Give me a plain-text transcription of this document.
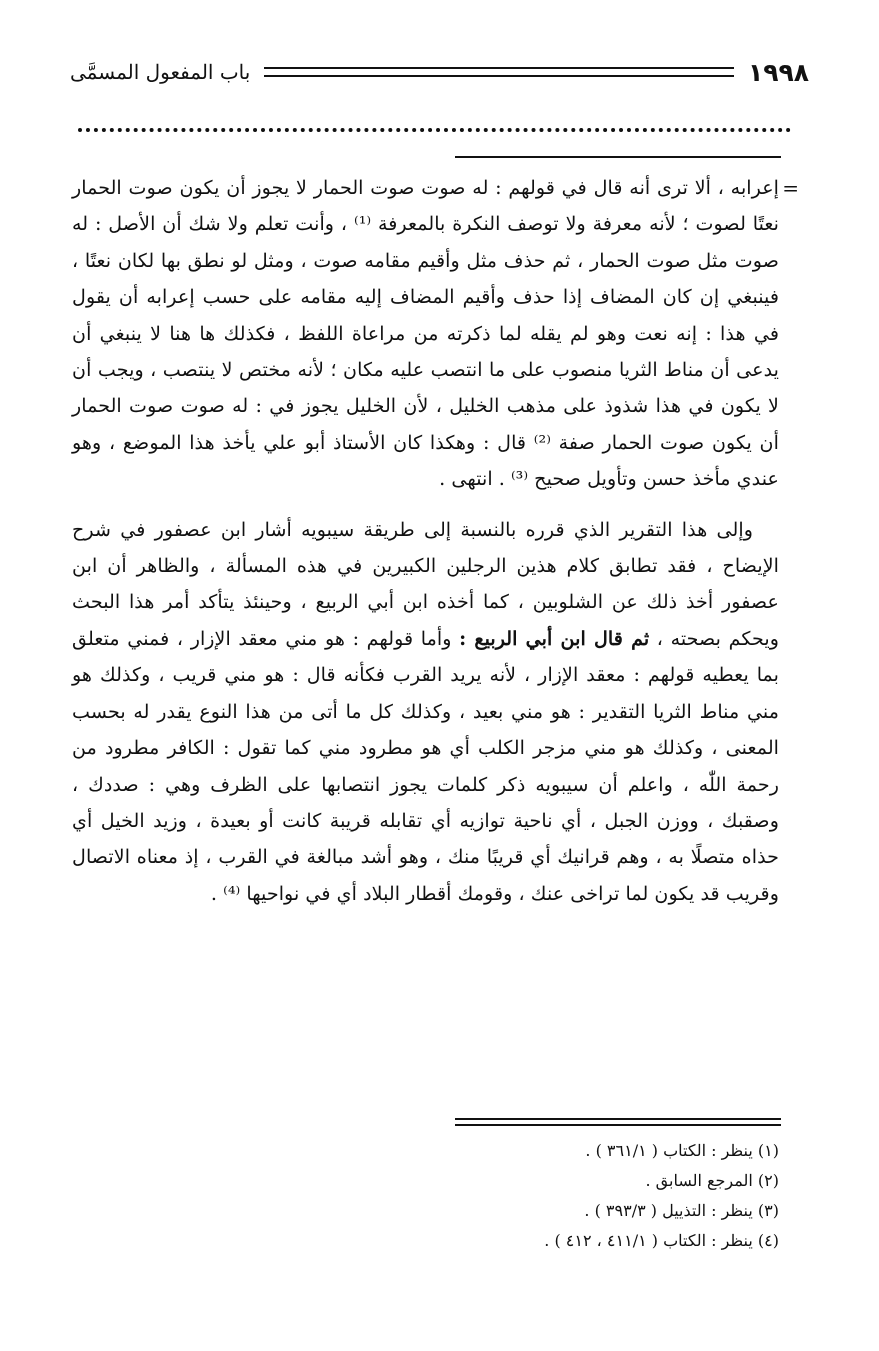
١٩٩٨
باب المفعول المسمَّى

=
إعرابه ، ألا ترى أنه قال في قولهم : له صوت صوت الحمار لا يجوز أن يكون صوت الحمار نعتًا لصوت ؛ لأنه معرفة ولا توصف النكرة بالمعرفة ⁽¹⁾ ، وأنت تعلم ولا شك أن الأصل : له صوت مثل صوت الحمار ، ثم حذف مثل وأقيم مقامه صوت ، ومثل لو نطق بها لكان نعتًا ، فينبغي إن كان المضاف إذا حذف وأقيم المضاف إليه مقامه على حسب إعرابه أن يقول في هذا : إنه نعت وهو لم يقله لما ذكرته من مراعاة اللفظ ، فكذلك ها هنا لا ينبغي أن يدعى أن مناط الثريا منصوب على ما انتصب عليه مكان ؛ لأنه مختص لا ينتصب ، ويجب أن لا يكون في هذا شذوذ على مذهب الخليل ، لأن الخليل يجوز في : له صوت صوت الحمار أن يكون صوت الحمار صفة ⁽²⁾ قال : وهكذا كان الأستاذ أبو علي يأخذ هذا الموضع ، وهو عندي مأخذ حسن وتأويل صحيح ⁽³⁾ . انتهى .

وإلى هذا التقرير الذي قرره بالنسبة إلى طريقة سيبويه أشار ابن عصفور في شرح الإيضاح ، فقد تطابق كلام هذين الرجلين الكبيرين في هذه المسألة ، والظاهر أن ابن عصفور أخذ ذلك عن الشلوبين ، كما أخذه ابن أبي الربيع ، وحينئذ يتأكد أمر هذا البحث ويحكم بصحته ، ثم قال ابن أبي الربيع : وأما قولهم : هو مني معقد الإزار ، فمني متعلق بما يعطيه قولهم : معقد الإزار ، لأنه يريد القرب فكأنه قال : هو مني قريب ، وكذلك هو مني مناط الثريا التقدير : هو مني بعيد ، وكذلك كل ما أتى من هذا النوع يقدر له بحسب المعنى ، وكذلك هو مني مزجر الكلب أي هو مطرود مني كما تقول : الكافر مطرود من رحمة اللّٰه ، واعلم أن سيبويه ذكر كلمات يجوز انتصابها على الظرف وهي : صددك ، وصقبك ، ووزن الجبل ، أي ناحية توازيه أي تقابله قريبة كانت أو بعيدة ، وزيد الخيل أي حذاه متصلًا به ، وهم قرانيك أي قريبًا منك ، وهو أشد مبالغة في القرب ، إذ معناه الاتصال وقريب قد يكون لما تراخى عنك ، وقومك أقطار البلاد أي في نواحيها ⁽⁴⁾ .

(١) ينظر : الكتاب ( ٣٦١/١ ) .
(٢) المرجع السابق .
(٣) ينظر : التذييل ( ٣٩٣/٣ ) .
(٤) ينظر : الكتاب ( ٤١١/١ ، ٤١٢ ) .
